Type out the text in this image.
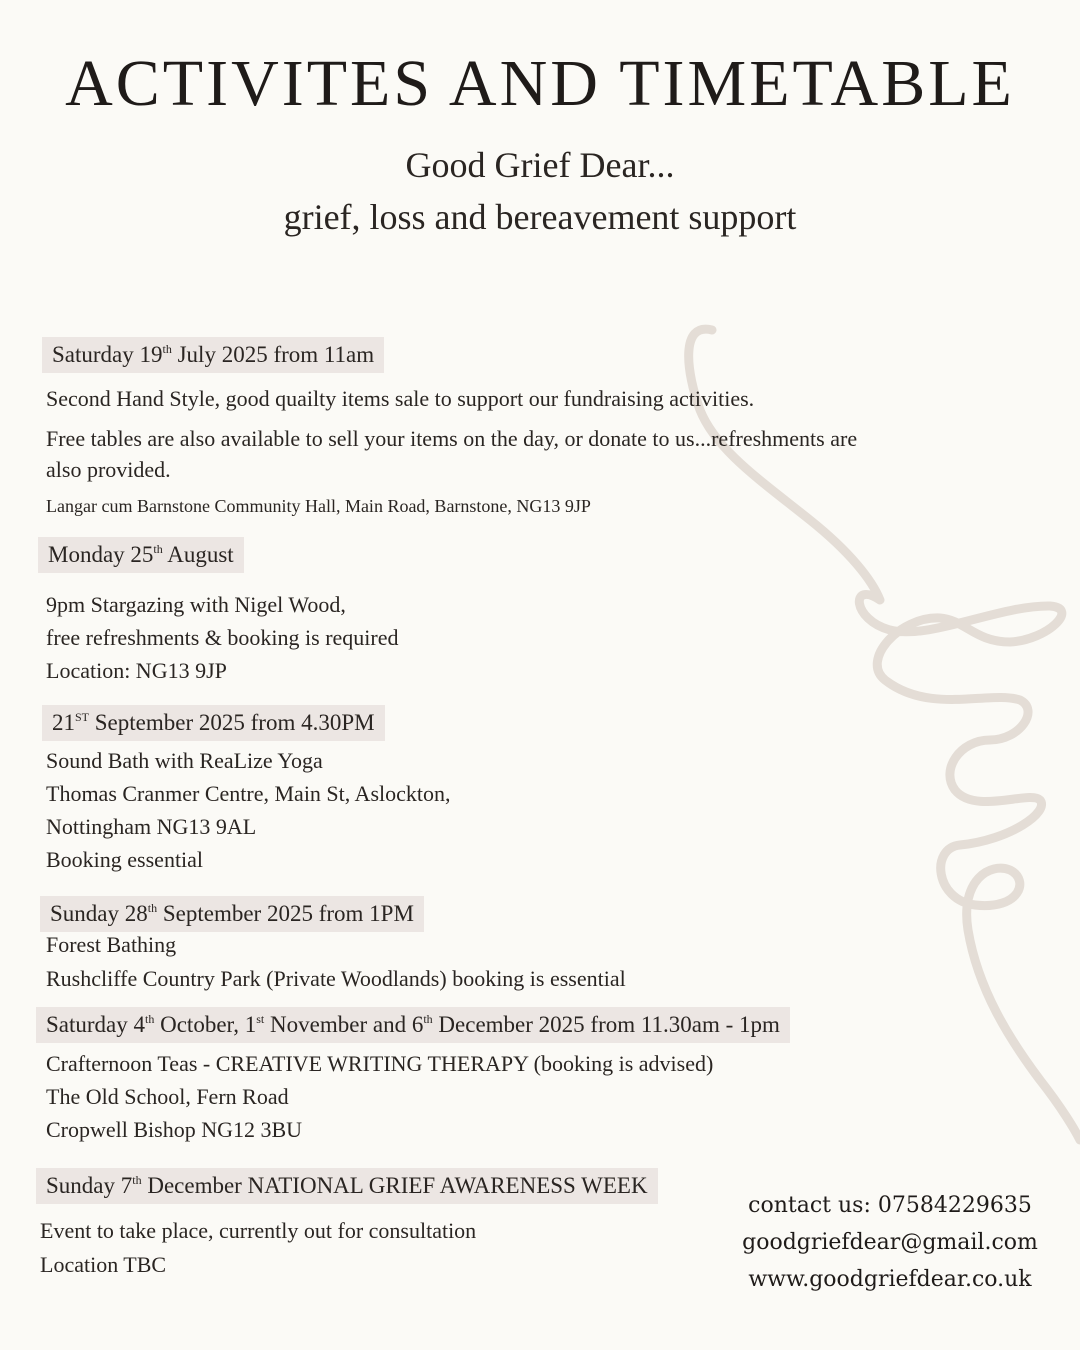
ACTIVITES AND TIMETABLE
Good Grief Dear...
grief, loss and bereavement support
Saturday 19th July 2025 from 11am
Second Hand Style, good quailty items sale to support our fundraising activities.
Free tables are also available to sell your items on the day, or donate to us...refreshments are
also provided.
Langar cum Barnstone Community Hall, Main Road, Barnstone, NG13 9JP
Monday 25th August
9pm Stargazing with Nigel Wood,
free refreshments & booking is required
Location: NG13 9JP
21ST September 2025 from 4.30PM
Sound Bath with ReaLize Yoga
Thomas Cranmer Centre, Main St, Aslockton,
Nottingham NG13 9AL
Booking essential
Sunday 28th September 2025 from 1PM
Forest Bathing
Rushcliffe Country Park (Private Woodlands) booking is essential
Saturday 4th October, 1st November and 6th December 2025 from 11.30am - 1pm
Crafternoon Teas - CREATIVE WRITING THERAPY (booking is advised)
The Old School, Fern Road
Cropwell Bishop NG12 3BU
Sunday 7th December NATIONAL GRIEF AWARENESS WEEK
Event to take place, currently out for consultation
Location TBC
contact us: 07584229635
goodgriefdear@gmail.com
www.goodgriefdear.co.uk
